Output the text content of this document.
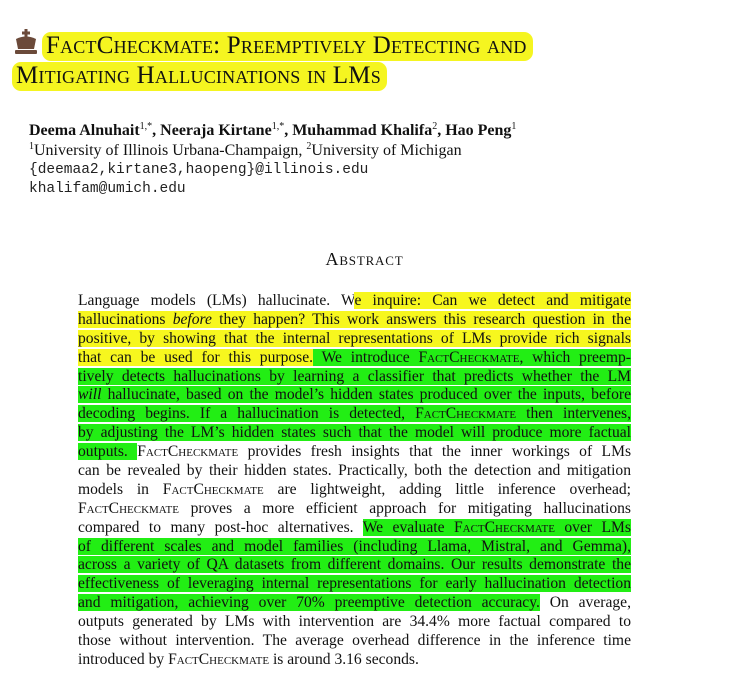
FactCheckmate: Preemptively Detecting and
Mitigating Hallucinations in LMs
Deema Alnuhait$^{1,*}$, Neeraja Kirtane$^{1,*}$, Muhammad Khalifa$^2$, Hao Peng$^1$
$^1$University of Illinois Urbana-Champaign, $^2$University of Michigan
{deemaa2,kirtane3,haopeng}@illinois.edu
khalifam@umich.edu
Abstract
Language models (LMs) hallucinate. We inquire: Can we detect and mitigate
hallucinations before they happen? This work answers this research question in the
positive, by showing that the internal representations of LMs provide rich signals
that can be used for this purpose. We introduce FactCheckmate, which preemp-
tively detects hallucinations by learning a classifier that predicts whether the LM
will hallucinate, based on the model’s hidden states produced over the inputs, before
decoding begins. If a hallucination is detected, FactCheckmate then intervenes,
by adjusting the LM’s hidden states such that the model will produce more factual
outputs. FactCheckmate provides fresh insights that the inner workings of LMs
can be revealed by their hidden states. Practically, both the detection and mitigation
models in FactCheckmate are lightweight, adding little inference overhead;
FactCheckmate proves a more efficient approach for mitigating hallucinations
compared to many post-hoc alternatives. We evaluate FactCheckmate over LMs
of different scales and model families (including Llama, Mistral, and Gemma),
across a variety of QA datasets from different domains. Our results demonstrate the
effectiveness of leveraging internal representations for early hallucination detection
and mitigation, achieving over 70% preemptive detection accuracy. On average,
outputs generated by LMs with intervention are 34.4% more factual compared to
those without intervention. The average overhead difference in the inference time
introduced by FactCheckmate is around 3.16 seconds.
